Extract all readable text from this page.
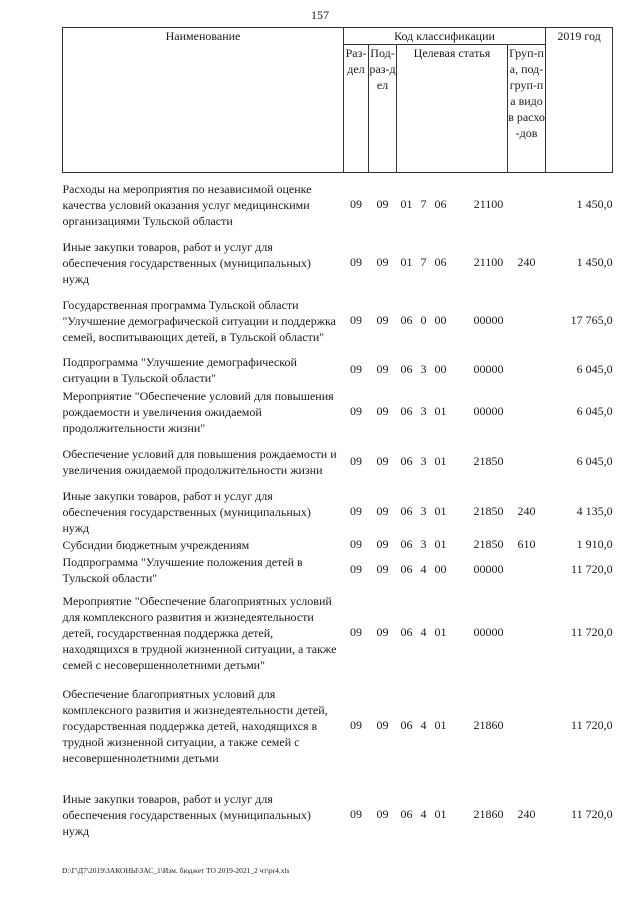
157
Наименование	Код классификации								2019 год
	Раз-дел	Под-раз-дел	Целевая статья					Груп-па, под-груп-па видов расхо-дов	
Расходы на мероприятия по независимой оценке качества условий оказания услуг медицинскими организациями Тульской области	09	09	01	7	06		21100		1 450,0
Иные закупки товаров, работ и услуг для обеспечения государственных (муниципальных) нужд	09	09	01	7	06		21100	240	1 450,0
Государственная программа Тульской области "Улучшение демографической ситуации и поддержка семей, воспитывающих детей, в Тульской области"	09	09	06	0	00		00000		17 765,0
Подпрограмма "Улучшение демографической ситуации в Тульской области"	09	09	06	3	00		00000		6 045,0
Мероприятие "Обеспечение условий для повышения рождаемости и увеличения ожидаемой продолжительности жизни"	09	09	06	3	01		00000		6 045,0
Обеспечение условий для повышения рождаемости и увеличения ожидаемой продолжительности жизни	09	09	06	3	01		21850		6 045,0
Иные закупки товаров, работ и услуг для обеспечения государственных (муниципальных) нужд	09	09	06	3	01		21850	240	4 135,0
Субсидии бюджетным учреждениям	09	09	06	3	01		21850	610	1 910,0
Подпрограмма "Улучшение положения детей в Тульской области"	09	09	06	4	00		00000		11 720,0
Мероприятие "Обеспечение благоприятных условий для комплексного развития и жизнедеятельности детей, государственная поддержка детей, находящихся в трудной жизненной ситуации, а также семей с несовершеннолетними детьми"	09	09	06	4	01		00000		11 720,0
Обеспечение благоприятных условий для комплексного развития и жизнедеятельности детей, государственная поддержка детей, находящихся в трудной жизненной ситуации, а также семей с несовершеннолетними детьми	09	09	06	4	01		21860		11 720,0
Иные закупки товаров, работ и услуг для обеспечения государственных (муниципальных) нужд	09	09	06	4	01		21860	240	11 720,0
D:\Г\Д7\2019\ЗАКОНЫ\ЗАС_1\Изм. бюджет ТО 2019-2021_2 чт\pr4.xls
